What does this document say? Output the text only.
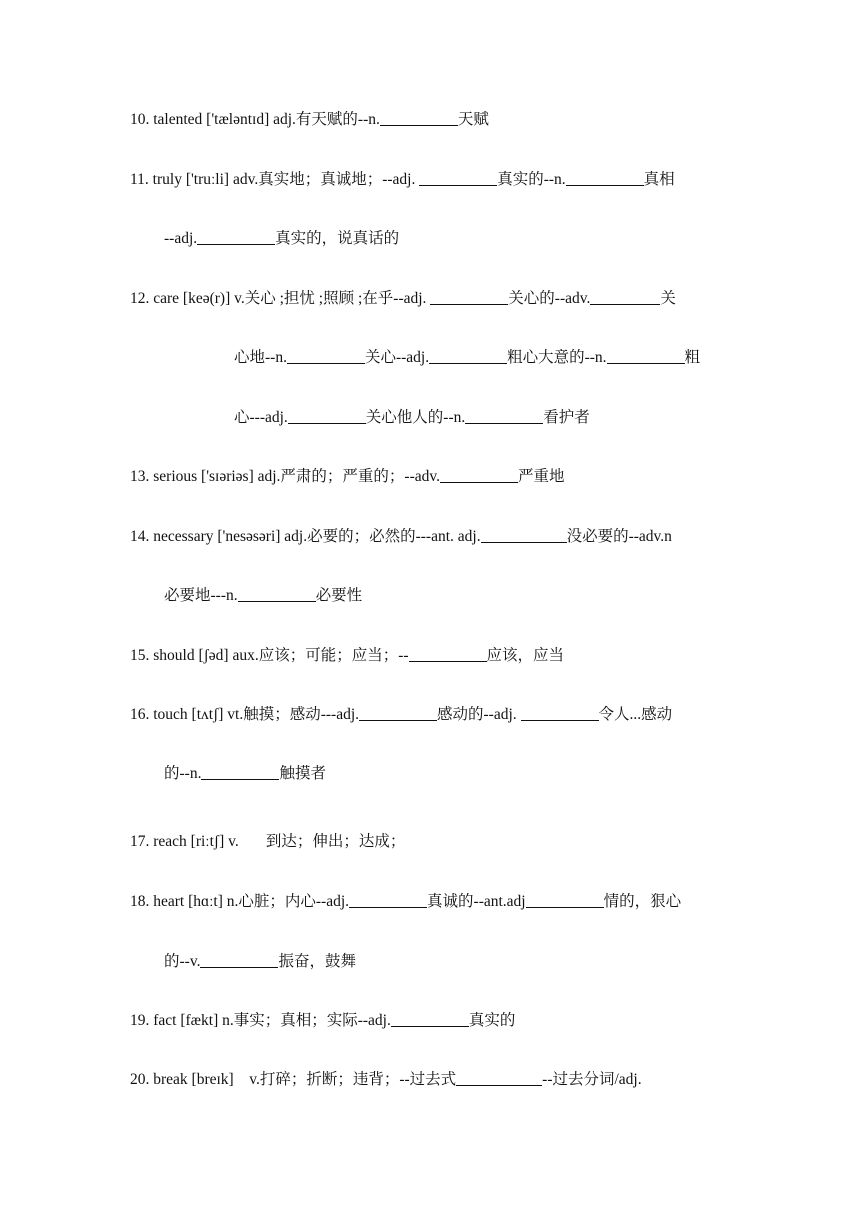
10. talented ['tæləntɪd] adj.有天赋的--n.	天赋
11. truly ['truːli] adv.真实地；真诚地；--adj.	真实的--n.	真相
--adj.	真实的，说真话的
12. care [keə(r)] v.关心 ;担忧 ;照顾 ;在乎--adj.	关心的--adv.	关
心地--n.	关心--adj.	粗心大意的--n.	粗
心---adj.	关心他人的--n.	看护者
13. serious ['sɪəriəs] adj.严肃的；严重的；--adv.	严重地
14. necessary ['nesəsəri] adj.必要的；必然的---ant. adj.	没必要的--adv.n
必要地---n.	必要性
15. should [ʃəd] aux.应该；可能；应当；--	应该，应当
16. touch [tʌtʃ] vt.触摸；感动---adj.	感动的--adj.	令人...感动
的--n.	触摸者
17. reach [riːtʃ] v.       到达；伸出；达成；
18. heart [hɑːt] n.心脏；内心--adj.	真诚的--ant.adj	情的，狠心
的--v.	振奋，鼓舞
19. fact [fækt] n.事实；真相；实际--adj.	真实的
20. break [breɪk]    v.打碎；折断；违背；--过去式	--过去分词/adj.
